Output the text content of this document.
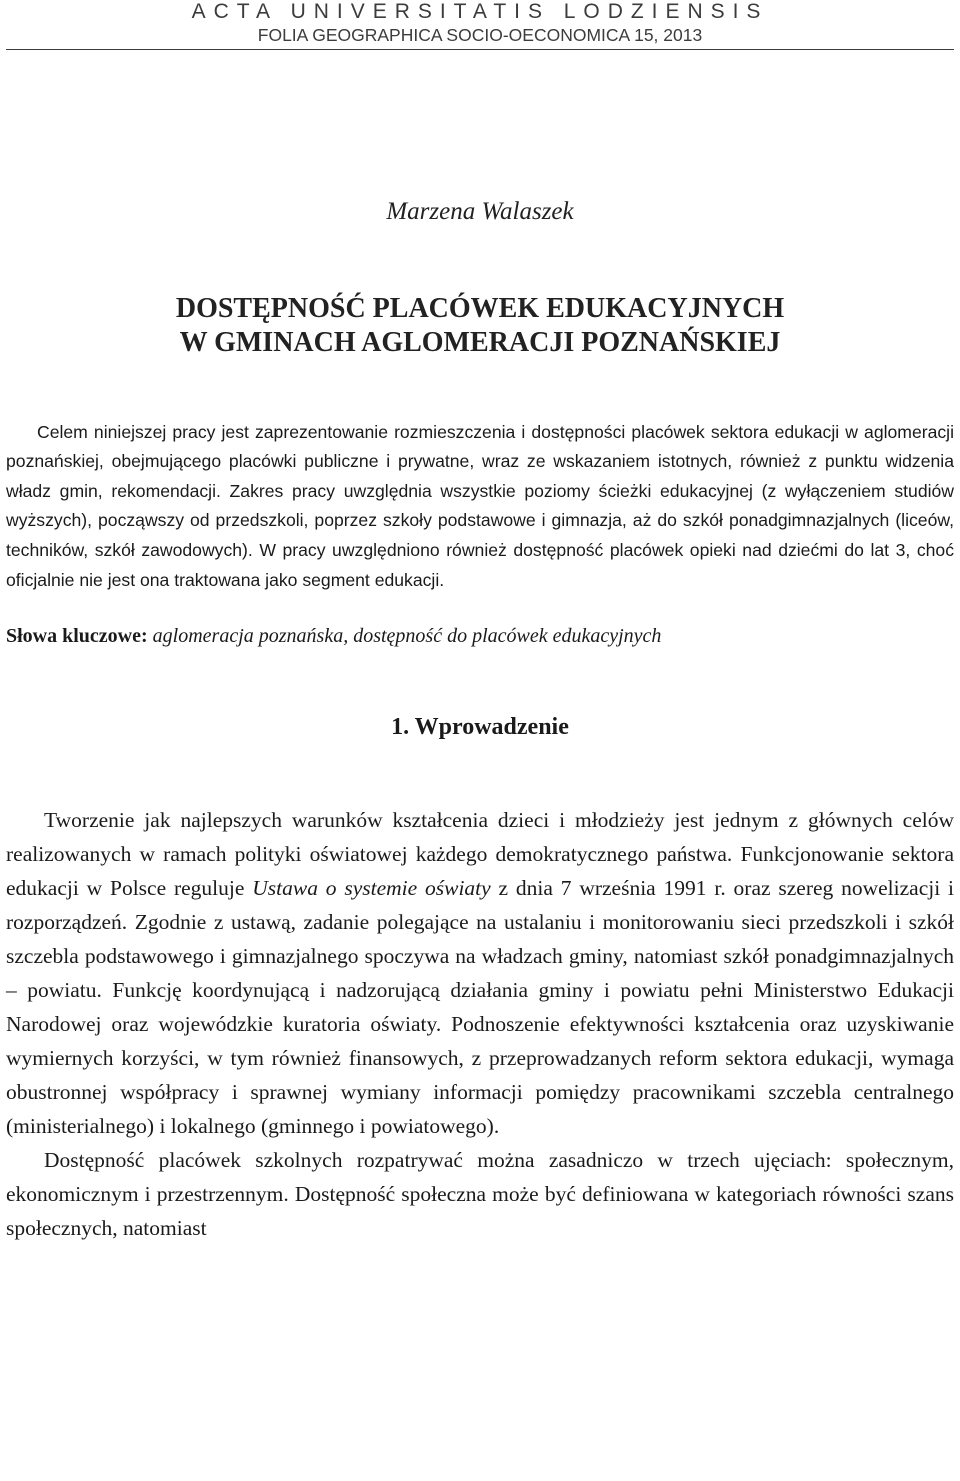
ACTA UNIVERSITATIS LODZIENSIS
FOLIA GEOGRAPHICA SOCIO-OECONOMICA 15, 2013
Marzena Walaszek
DOSTĘPNOŚĆ PLACÓWEK EDUKACYJNYCH
W GMINACH AGLOMERACJI POZNAŃSKIEJ

Celem niniejszej pracy jest zaprezentowanie rozmieszczenia i dostępności placówek sektora edukacji w aglomeracji poznańskiej, obejmującego placówki publiczne i prywatne, wraz ze wskazaniem istotnych, również z punktu widzenia władz gmin, rekomendacji. Zakres pracy uwzględnia wszystkie poziomy ścieżki edukacyjnej (z wyłączeniem studiów wyższych), począwszy od przedszkoli, poprzez szkoły podstawowe i gimnazja, aż do szkół ponadgimnazjalnych (liceów, techników, szkół zawodowych). W pracy uwzględniono również dostępność placówek opieki nad dziećmi do lat 3, choć oficjalnie nie jest ona traktowana jako segment edukacji.

Słowa kluczowe: aglomeracja poznańska, dostępność do placówek edukacyjnych
1. Wprowadzenie

Tworzenie jak najlepszych warunków kształcenia dzieci i młodzieży jest jednym z głównych celów realizowanych w ramach polityki oświatowej każdego demokratycznego państwa. Funkcjonowanie sektora edukacji w Polsce reguluje Ustawa o systemie oświaty z dnia 7 września 1991 r. oraz szereg nowelizacji i rozporządzeń. Zgodnie z ustawą, zadanie polegające na ustalaniu i monitorowaniu sieci przedszkoli i szkół szczebla podstawowego i gimnazjalnego spoczywa na władzach gminy, natomiast szkół ponadgimnazjalnych – powiatu. Funkcję koordynującą i nadzorującą działania gminy i powiatu pełni Ministerstwo Edukacji Narodowej oraz wojewódzkie kuratoria oświaty. Podnoszenie efektywności kształcenia oraz uzyskiwanie wymiernych korzyści, w tym również finansowych, z przeprowadzanych reform sektora edukacji, wymaga obustronnej współpracy i sprawnej wymiany informacji pomiędzy pracownikami szczebla centralnego (ministerialnego) i lokalnego (gminnego i powiatowego).

Dostępność placówek szkolnych rozpatrywać można zasadniczo w trzech ujęciach: społecznym, ekonomicznym i przestrzennym. Dostępność społeczna może być definiowana w kategoriach równości szans społecznych, natomiast
